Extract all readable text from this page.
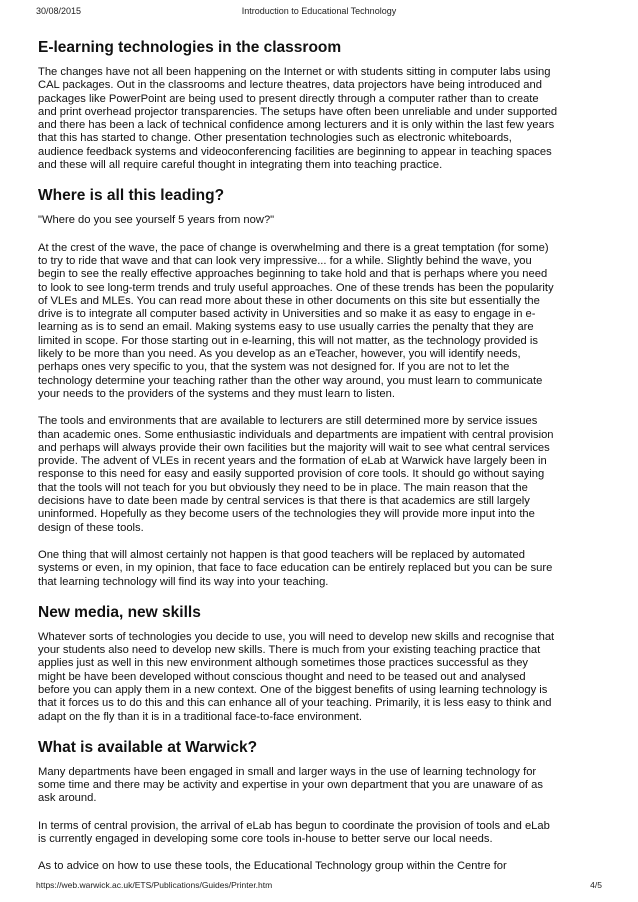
30/08/2015	Introduction to Educational Technology
E-learning technologies in the classroom

The changes have not all been happening on the Internet or with students sitting in computer labs using CAL packages. Out in the classrooms and lecture theatres, data projectors have being introduced and packages like PowerPoint are being used to present directly through a computer rather than to create and print overhead projector transparencies. The setups have often been unreliable and under supported and there has been a lack of technical confidence among lecturers and it is only within the last few years that this has started to change. Other presentation technologies such as electronic whiteboards, audience feedback systems and videoconferencing facilities are beginning to appear in teaching spaces and these will all require careful thought in integrating them into teaching practice.

Where is all this leading?

"Where do you see yourself 5 years from now?"

At the crest of the wave, the pace of change is overwhelming and there is a great temptation (for some) to try to ride that wave and that can look very impressive... for a while. Slightly behind the wave, you begin to see the really effective approaches beginning to take hold and that is perhaps where you need to look to see long-term trends and truly useful approaches. One of these trends has been the popularity of VLEs and MLEs. You can read more about these in other documents on this site but essentially the drive is to integrate all computer based activity in Universities and so make it as easy to engage in e-learning as is to send an email. Making systems easy to use usually carries the penalty that they are limited in scope. For those starting out in e-learning, this will not matter, as the technology provided is likely to be more than you need. As you develop as an eTeacher, however, you will identify needs, perhaps ones very specific to you, that the system was not designed for. If you are not to let the technology determine your teaching rather than the other way around, you must learn to communicate your needs to the providers of the systems and they must learn to listen.

The tools and environments that are available to lecturers are still determined more by service issues than academic ones. Some enthusiastic individuals and departments are impatient with central provision and perhaps will always provide their own facilities but the majority will wait to see what central services provide. The advent of VLEs in recent years and the formation of eLab at Warwick have largely been in response to this need for easy and easily supported provision of core tools. It should go without saying that the tools will not teach for you but obviously they need to be in place. The main reason that the decisions have to date been made by central services is that there is that academics are still largely uninformed. Hopefully as they become users of the technologies they will provide more input into the design of these tools.

One thing that will almost certainly not happen is that good teachers will be replaced by automated systems or even, in my opinion, that face to face education can be entirely replaced but you can be sure that learning technology will find its way into your teaching.

New media, new skills

Whatever sorts of technologies you decide to use, you will need to develop new skills and recognise that your students also need to develop new skills. There is much from your existing teaching practice that applies just as well in this new environment although sometimes those practices successful as they might be have been developed without conscious thought and need to be teased out and analysed before you can apply them in a new context. One of the biggest benefits of using learning technology is that it forces us to do this and this can enhance all of your teaching. Primarily, it is less easy to think and adapt on the fly than it is in a traditional face-to-face environment.

What is available at Warwick?

Many departments have been engaged in small and larger ways in the use of learning technology for some time and there may be activity and expertise in your own department that you are unaware of as ask around.

In terms of central provision, the arrival of eLab has begun to coordinate the provision of tools and eLab is currently engaged in developing some core tools in-house to better serve our local needs.

As to advice on how to use these tools, the Educational Technology group within the Centre for

https://web.warwick.ac.uk/ETS/Publications/Guides/Printer.htm	4/5
